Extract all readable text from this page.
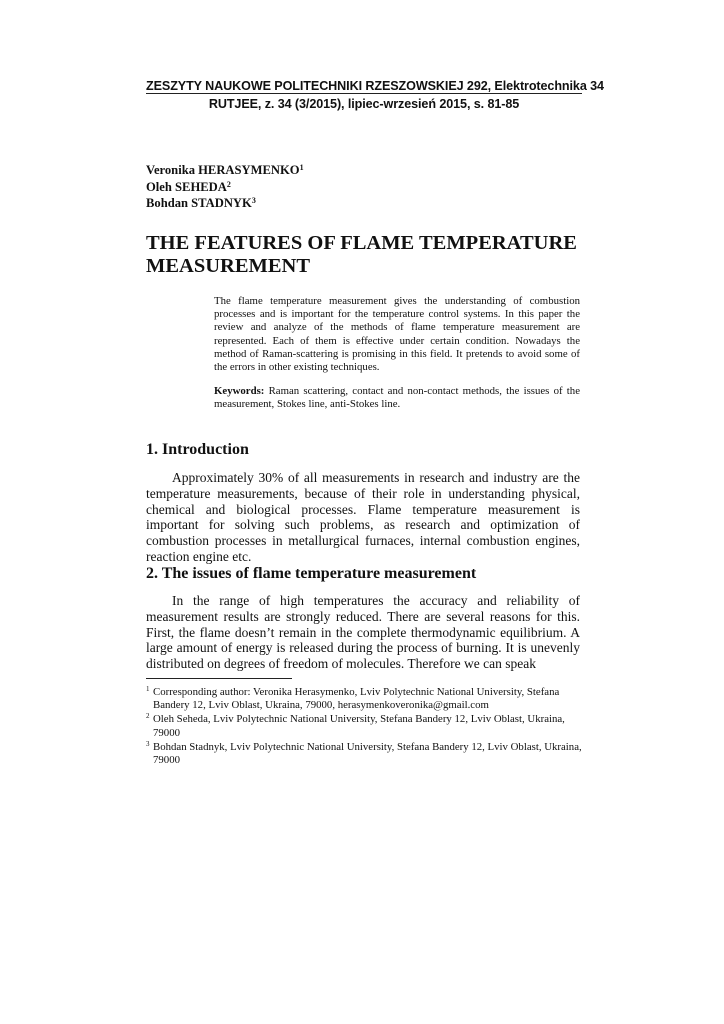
ZESZYTY NAUKOWE POLITECHNIKI RZESZOWSKIEJ 292, Elektrotechnika 34
RUTJEE, z. 34 (3/2015), lipiec-wrzesień 2015, s. 81-85
Veronika HERASYMENKO$^1$
Oleh SEHEDA$^2$
Bohdan STADNYK$^3$
THE FEATURES OF FLAME TEMPERATURE MEASUREMENT

The flame temperature measurement gives the understanding of combustion processes and is important for the temperature control systems. In this paper the review and analyze of the methods of flame temperature measurement are represented. Each of them is effective under certain condition. Nowadays the method of Raman-scattering is promising in this field. It pretends to avoid some of the errors in other existing techniques.

Keywords: Raman scattering, contact and non-contact methods, the issues of the measurement, Stokes line, anti-Stokes line.

1. Introduction

Approximately 30% of all measurements in research and industry are the temperature measurements, because of their role in understanding physical, chemical and biological processes. Flame temperature measurement is important for solving such problems, as research and optimization of combustion processes in metallurgical furnaces, internal combustion engines, reaction engine etc.

2. The issues of flame temperature measurement

In the range of high temperatures the accuracy and reliability of measurement results are strongly reduced. There are several reasons for this. First, the flame doesn’t remain in the complete thermodynamic equilibrium. A large amount of energy is released during the process of burning. It is unevenly distributed on degrees of freedom of molecules. Therefore we can speak

1 Corresponding author: Veronika Herasymenko, Lviv Polytechnic National University, Stefana Bandery 12, Lviv Oblast, Ukraina, 79000, herasymenkoveronika@gmail.com

2 Oleh Seheda, Lviv Polytechnic National University, Stefana Bandery 12, Lviv Oblast, Ukraina, 79000

3 Bohdan Stadnyk, Lviv Polytechnic National University, Stefana Bandery 12, Lviv Oblast, Ukraina, 79000
